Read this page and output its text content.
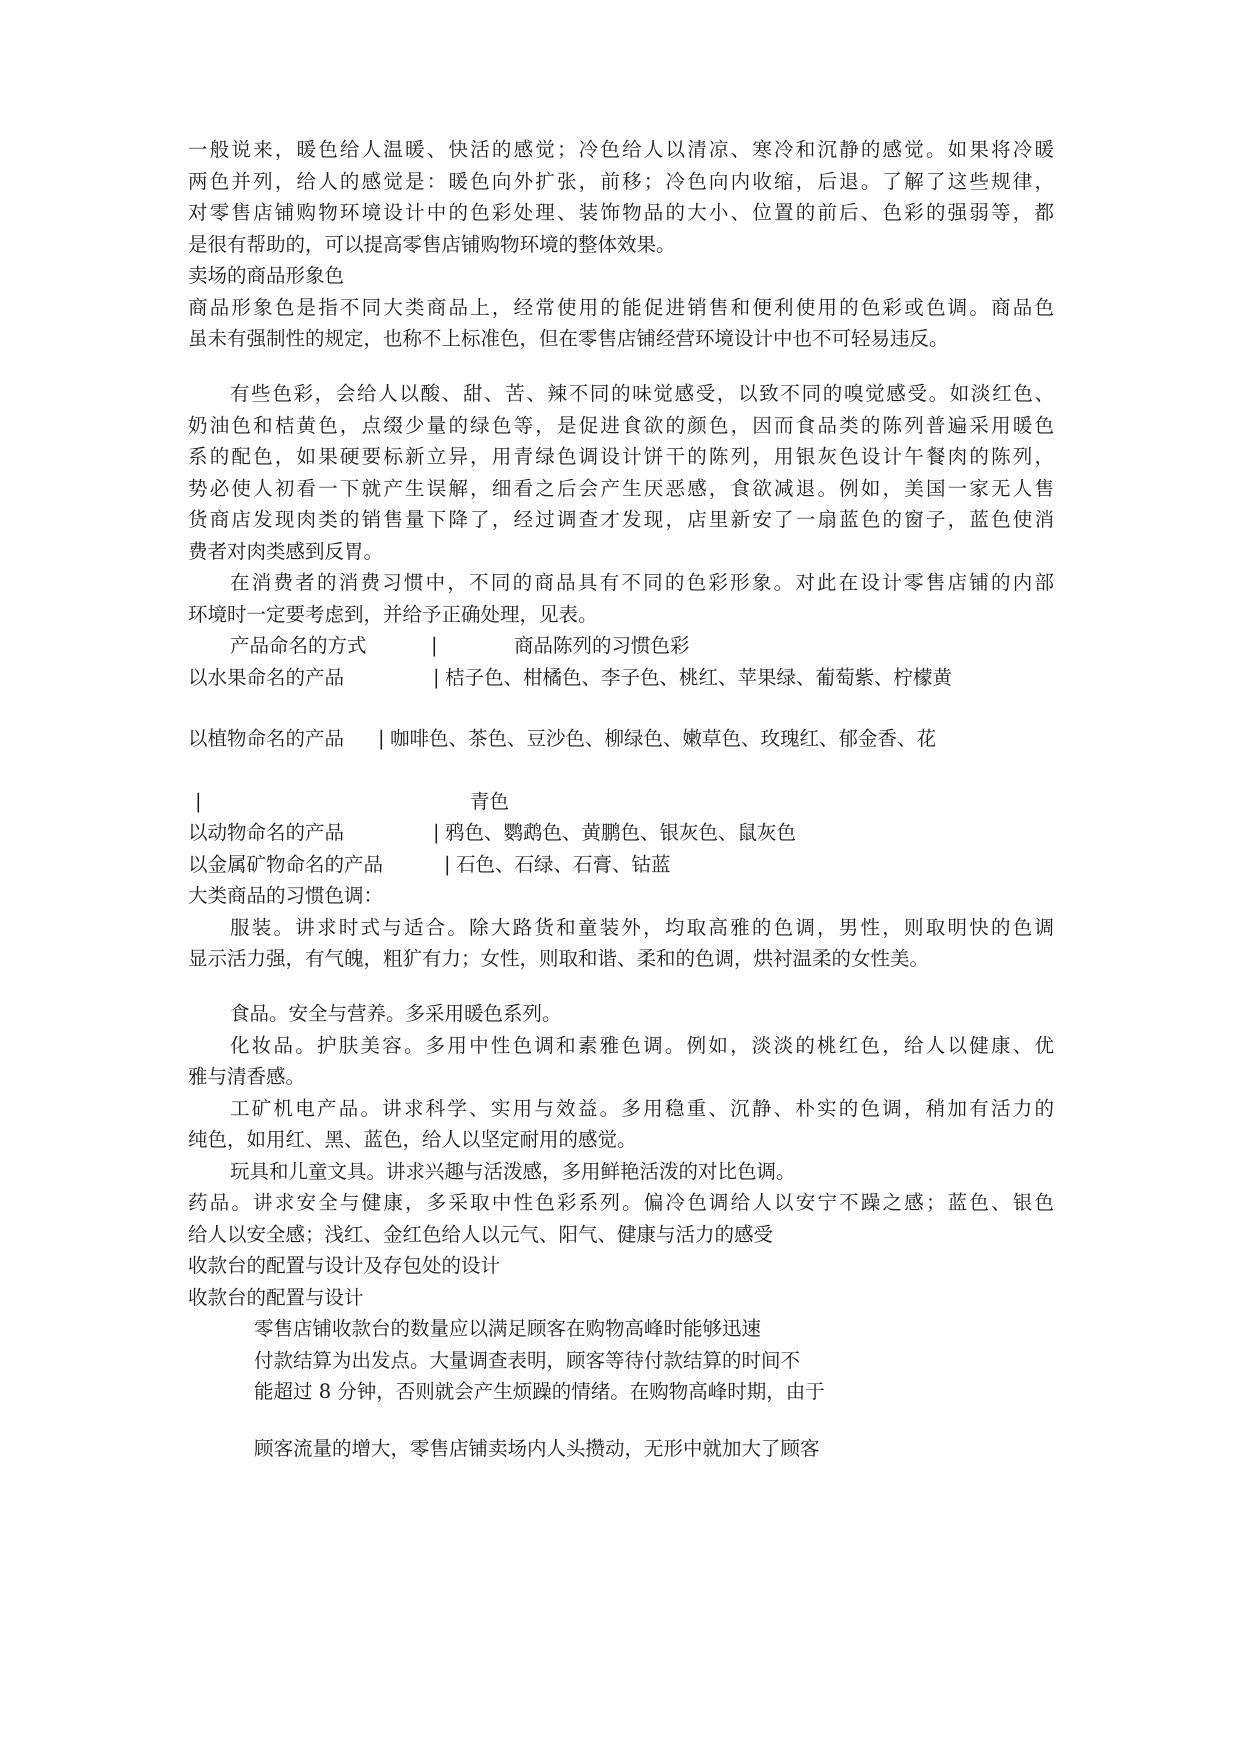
一般说来，暖色给人温暖、快活的感觉；冷色给人以清凉、寒冷和沉静的感觉。如果将冷暖
两色并列，给人的感觉是：暖色向外扩张，前移；冷色向内收缩，后退。了解了这些规律，
对零售店铺购物环境设计中的色彩处理、装饰物品的大小、位置的前后、色彩的强弱等，都
是很有帮助的，可以提高零售店铺购物环境的整体效果。
卖场的商品形象色
商品形象色是指不同大类商品上，经常使用的能促进销售和便利使用的色彩或色调。商品色
虽未有强制性的规定，也称不上标准色，但在零售店铺经营环境设计中也不可轻易违反。
有些色彩，会给人以酸、甜、苦、辣不同的味觉感受，以致不同的嗅觉感受。如淡红色、
奶油色和桔黄色，点缀少量的绿色等，是促进食欲的颜色，因而食品类的陈列普遍采用暖色
系的配色，如果硬要标新立异，用青绿色调设计饼干的陈列，用银灰色设计午餐肉的陈列，
势必使人初看一下就产生误解，细看之后会产生厌恶感，食欲减退。例如，美国一家无人售
货商店发现肉类的销售量下降了，经过调查才发现，店里新安了一扇蓝色的窗子，蓝色使消
费者对肉类感到反胃。
在消费者的消费习惯中，不同的商品具有不同的色彩形象。对此在设计零售店铺的内部
环境时一定要考虑到，并给予正确处理，见表。
产品命名的方式	|	商品陈列的习惯色彩
以水果命名的产品	| 桔子色、柑橘色、李子色、桃红、苹果绿、葡萄紫、柠檬黄
以植物命名的产品 | 咖啡色、茶色、豆沙色、柳绿色、嫩草色、玫瑰红、郁金香、花
|	青色
以动物命名的产品	| 鸦色、鹦鹉色、黄鹏色、银灰色、鼠灰色
以金属矿物命名的产品	| 石色、石绿、石膏、钴蓝
大类商品的习惯色调：
服装。讲求时式与适合。除大路货和童装外，均取高雅的色调，男性，则取明快的色调
显示活力强，有气魄，粗犷有力；女性，则取和谐、柔和的色调，烘衬温柔的女性美。
食品。安全与营养。多采用暖色系列。
化妆品。护肤美容。多用中性色调和素雅色调。例如，淡淡的桃红色，给人以健康、优
雅与清香感。
工矿机电产品。讲求科学、实用与效益。多用稳重、沉静、朴实的色调，稍加有活力的
纯色，如用红、黑、蓝色，给人以坚定耐用的感觉。
玩具和儿童文具。讲求兴趣与活泼感，多用鲜艳活泼的对比色调。
药品。讲求安全与健康，多采取中性色彩系列。偏冷色调给人以安宁不躁之感；蓝色、银色
给人以安全感；浅红、金红色给人以元气、阳气、健康与活力的感受
收款台的配置与设计及存包处的设计
收款台的配置与设计
零售店铺收款台的数量应以满足顾客在购物高峰时能够迅速
付款结算为出发点。大量调查表明，顾客等待付款结算的时间不
能超过 8 分钟，否则就会产生烦躁的情绪。在购物高峰时期，由于
顾客流量的增大，零售店铺卖场内人头攒动，无形中就加大了顾客
